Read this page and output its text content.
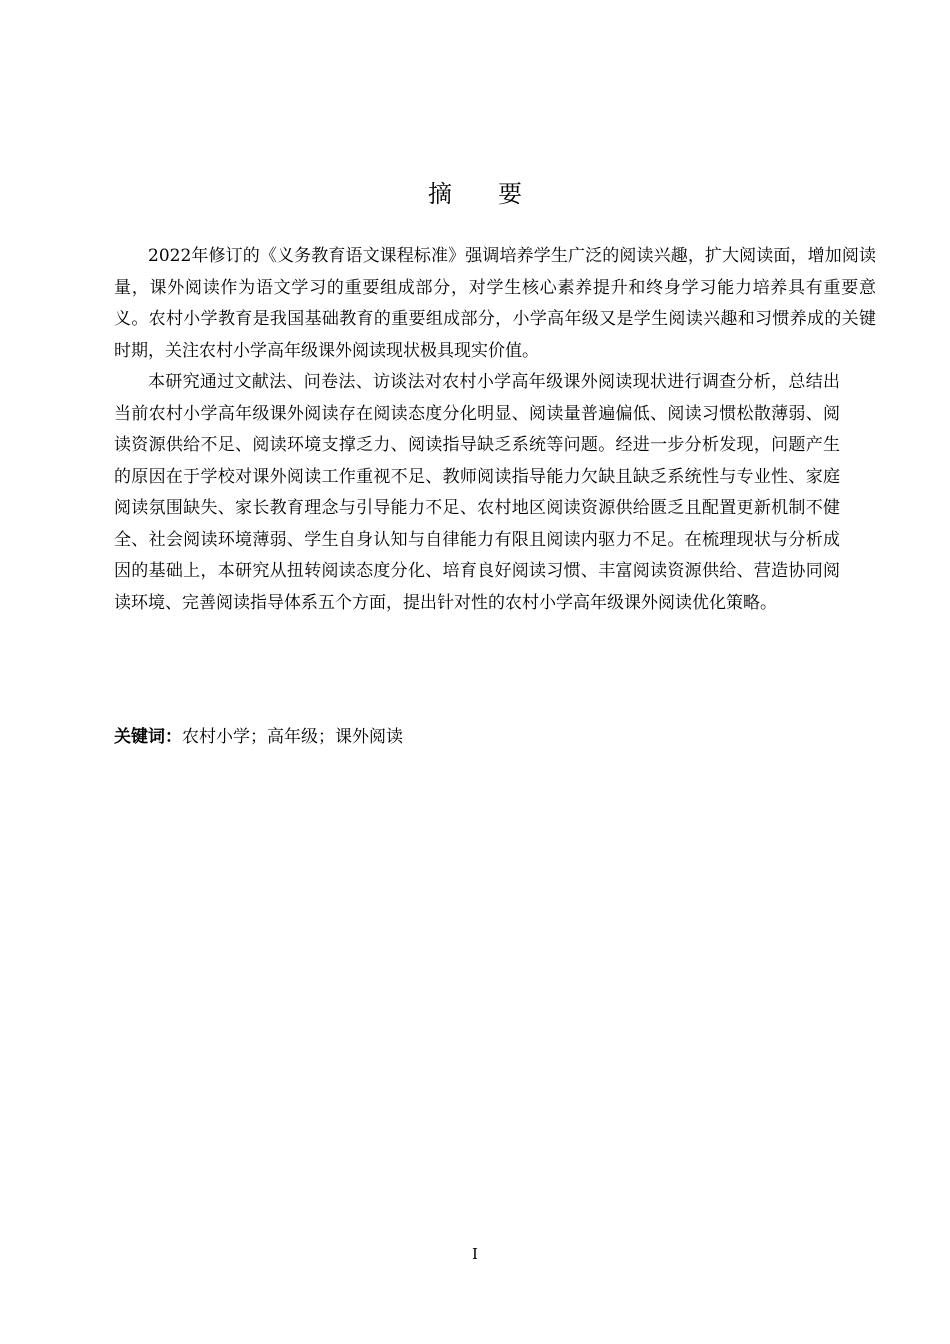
摘 要

2022年修订的《义务教育语文课程标准》强调培养学生广泛的阅读兴趣，扩大阅读面，增加阅读量，课外阅读作为语文学习的重要组成部分，对学生核心素养提升和终身学习能力培养具有重要意义。农村小学教育是我国基础教育的重要组成部分，小学高年级又是学生阅读兴趣和习惯养成的关键时期，关注农村小学高年级课外阅读现状极具现实价值。

本研究通过文献法、问卷法、访谈法对农村小学高年级课外阅读现状进行调查分析，总结出当前农村小学高年级课外阅读存在阅读态度分化明显、阅读量普遍偏低、阅读习惯松散薄弱、阅读资源供给不足、阅读环境支撑乏力、阅读指导缺乏系统等问题。经进一步分析发现，问题产生的原因在于学校对课外阅读工作重视不足、教师阅读指导能力欠缺且缺乏系统性与专业性、家庭阅读氛围缺失、家长教育理念与引导能力不足、农村地区阅读资源供给匮乏且配置更新机制不健全、社会阅读环境薄弱、学生自身认知与自律能力有限且阅读内驱力不足。在梳理现状与分析成因的基础上，本研究从扭转阅读态度分化、培育良好阅读习惯、丰富阅读资源供给、营造协同阅读环境、完善阅读指导体系五个方面，提出针对性的农村小学高年级课外阅读优化策略。

关键词：农村小学；高年级；课外阅读
I
